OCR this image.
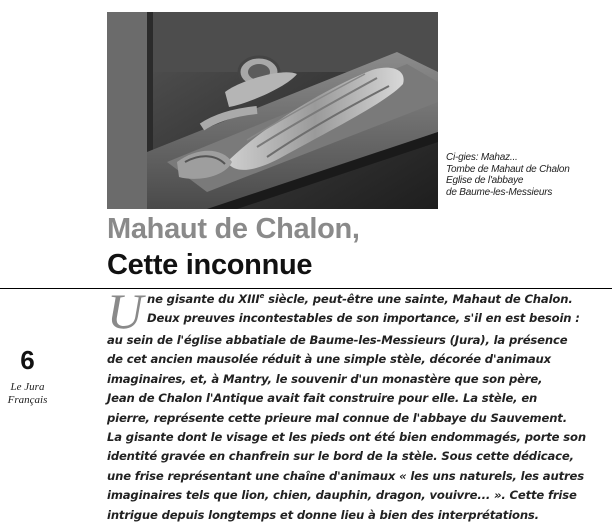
Ci-gies: Mahaz...
Tombe de Mahaut de Chalon
Eglise de l'abbaye
de Baume-les-Messieurs
Mahaut de Chalon,
Cette inconnue
6
Le Jura
Français
U ne gisante du XIIIe siècle, peut-être une sainte, Mahaut de Chalon.
Deux preuves incontestables de son importance, s'il en est besoin :
au sein de l'église abbatiale de Baume-les-Messieurs (Jura), la présence
de cet ancien mausolée réduit à une simple stèle, décorée d'animaux
imaginaires, et, à Mantry, le souvenir d'un monastère que son père,
Jean de Chalon l'Antique avait fait construire pour elle. La stèle, en
pierre, représente cette prieure mal connue de l'abbaye du Sauvement.
La gisante dont le visage et les pieds ont été bien endommagés, porte son
identité gravée en chanfrein sur le bord de la stèle. Sous cette dédicace,
une frise représentant une chaîne d'animaux « les uns naturels, les autres
imaginaires tels que lion, chien, dauphin, dragon, vouivre... ». Cette frise
intrigue depuis longtemps et donne lieu à bien des interprétations.
